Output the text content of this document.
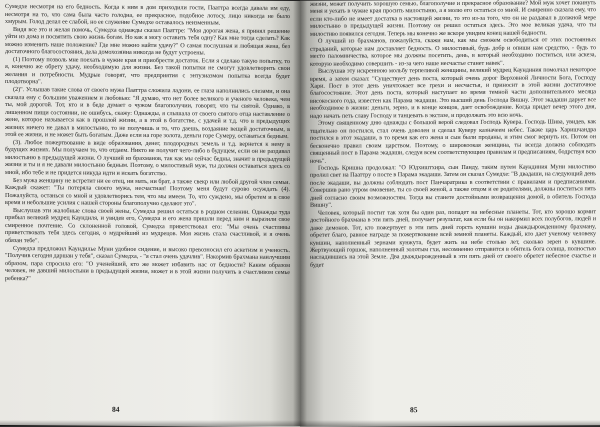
Сумедхе несмотря на его бедность. Когда к ним в дом приходили гости, Пааттра всегда давала им еду, несмотря на то, что сама была часто голодна, ее прекрасное, подобное лотосу, лицо никогда не было хмурым. Голод делал ее слабой, но ее служение Сумедхе оставалось неизменным.

Видя все это и желая помочь, Сумедха однажды сказал Пааттре: "Моя дорогая жена, я принял решение уйти из дома и посвятить свою жизнь богам. Но как я могу оставить тебя одну? Как мне тогда сделать? Как можно изменить наше положение? Где мне можно найти удачу?" О самая послушная и любящая жена, без достаточного благосостояния, дела домохозяина никогда не будут устроены.

(1) Поэтому позволь мне поехать в чужие края и приобрести достаток. Если я сделаю такую попытку, то я, конечно же обрету удачу, необходимую для жизни. Без такой попытки не смогут удовлетворить свои желания и потребности. Мудрые говорят, что предприятия с энтузиазмом попытка всегда будет плодотворна".

(2)". Услышав такие слова от своего мужа Пааттра сложила ладони, ее глаза наполнились слезами, и она сказала ему с большим уважением и любовью: "Я думаю, что нет более великого и ученого человека, чем ты, мой дорогой. Тот, кто и в беде думает о чужом благополучии, говорят, что ты святой. Однако, в лишенном пищи состоянии, не ошибусь, скажу: Однажды, я слышала от своего святого отца наставление о жене, которое называется как в прошлой жизни, а в этой в богатстве, с удачей и т.д. что в предыдущих жизнях ничего не давал в милостыню, то не получишь и то, что даешь, воздаяние вещей достаточным, в этой ее жизни, и не может быть богатым. Даже если на горе золота, деньги горе Сумеру, оставаться бедным.

(3). Любое пожертвование в виде образования, денег, плодородных земель и т.д. вернется к нему в будущих жизнях. Мы получаем то, что отдаем. Никто не получит чего-либо в будущем, если он не раздавал милостыню в предыдущей жизни. О лучший из брахманов, так как мы сейчас бедны, значит в предыдущей жизни и ты и я не давали милостыню бедным. Поэтому, о милостивый муж, ты должен оставаться здесь со мной, ибо тебе и не придется никуда идти и искать богатство.

Без мужа женщину не встретит ни ее отец, ни мать, ни брат, а также свекр или любой другой член семьи. Каждый скажет: "Ты потеряла своего мужа, несчастная! Поэтому меня будут сурово осуждать (4). Пожалуйста, останься со мной и удовлетворись тем, что мы имеем. То, что суждено, мы обретем и в свое время и небольшие усилия с нашей стороны благополучно сделают это".

Выслушав эти жалобные слова своей жены, Сумедха решил остаться в родном селении. Однажды туда прибыл великий мудрец Каундиля, и увидев его, Сумедха и его жена пришли перед ним и выразили свое смиренное почтение. Со склоненной головой, Сумедха приветствовал его: "Мы очень счастливы приветствовать тебя здесь сегодня, о мудрейший из мудрецов. Моя жизнь стала счастливой, и я очень обязан тебе".

Сумедха предложил Каундилье Муни удобное сидение, и высоко превозносил его аскетизм и ученость. "Получив сегодня даршан у тебя", сказал Сумедха, - "я стал очень удачлив". Накормив брахмана наилучшим образом, пара спросила его: "О ученейший, кто же может избавить нас от бедности? Каким образом человек, не давший милостыни в предыдущей жизни, может и в этой жизни получить в счастливом семье ребенка?"

84

жизни, может получить хорошую семью, благополучие и прекрасное образование? Мой муж хочет покинуть меня и уехать в чужие края просить милостыню, а я молю его остаться со мной. И смиренно сказала ему, что если кто-либо не имеет достатка в настоящей жизни, то это из-за того, что он не раздавал в должной мере милостыню в предыдущей жизни. Поэтому он решил остаться здесь. Это мое великая удача, что ты милостиво появился сегодня. Теперь мы конечно же вскоре увидим конец нашей бедности.

О лучший из брахманов, пожалуйста, скажи нам, как мы сможем освободиться от этих постоянных страданий, которые нам доставляет бедность. О милостивый, будь добр и опиши нам средство, - будь то место паломничества, которое мы должны посетить, день, в который необходимо поститься, или аскеза, которую необходимо совершить - из-за чего наше несчастье станет навек".

Выслушав эту искреннюю мольбу терпеливой женщины, великий мудрец Каундиния помолчал некоторое время, а затем сказал: "Существует день поста, который очень дорог Верховной Личности Бога, Господу Хари. Пост в этот день уничтожает все грехи и несчастья, и приносит в этой жизни достаточное благосостояние. Этот день поста, который наступает во время темной части дополнительного месяца високосного года, известен как Парама экадаши. Это высший день Господа Вишну. Этот экадаши дарует все необходимое в жизни: деньги, зерно, и в конце концов, дает освобождение. Когда придет вечер этого дня, надо начать петь славу Господу и танцевать в экстазе, и продолжать это всю ночь.

Этому священному дню однажды с большой верой следовал Господь Кувера. Господь Шива, увидев, как тщательно он постился, стал очень доволен и сделал Куверу казначеем небес. Также царь Харишчандра постился в этот экадаши, в то время как его жена и сын были проданы, и этим смог вернуть их. Потом он бесконечно правил своим царством. Поэтому, о широкоокая женщина, ты всегда должна соблюдать священный пост в Парама экадаши, следуя всем соответствующим правилам и предписаниям, бодрствуя всю ночь".

Господь Кришна продолжал: "О Юдхиштхира, сын Панду, таким путем Каундиния Муни милостиво пролил свет на Пааттру о посте в Парама экадаши. Затем он сказал Сумедхе: "В двадаши, на следующий день после экадаши, вы должны соблюдать пост Панчаратрика в соответствии с правилами и предписаниями. Совершив рано утром омовение, ты со своей женой, а также отцом и ее родителями, должны поститься пять дней согласно своим возможностям. Тогда вы станете достойными возвращения домой, в обитель Господа Вишну".

Человек, который постит так хотя бы один раз, попадет на небесные планеты. Тот, кто хорошо кормит достойного брахмана в эти пять дней, получает результат, как если бы он накормил всех полубогов, людей и даже демонов. Тот, кто пожертвует в эти пять дней горсть кувшин воды дваждырожденному брахману, обретет благо, равное награде за пожертвование всей земной планеты. Каждый, кто дает ученому человеку кувшин, наполненный зернами кунжута, будет жить на небе столько лет, сколько зерен в кувшине. Жертвующий горшок, наполненный золотым гхи, несомненно отправится в обитель бога солнца, полностью насладившись на этой Земле. Два дваждырожденный в эти пять дней от своего обретет небесное счастье и будет

85
